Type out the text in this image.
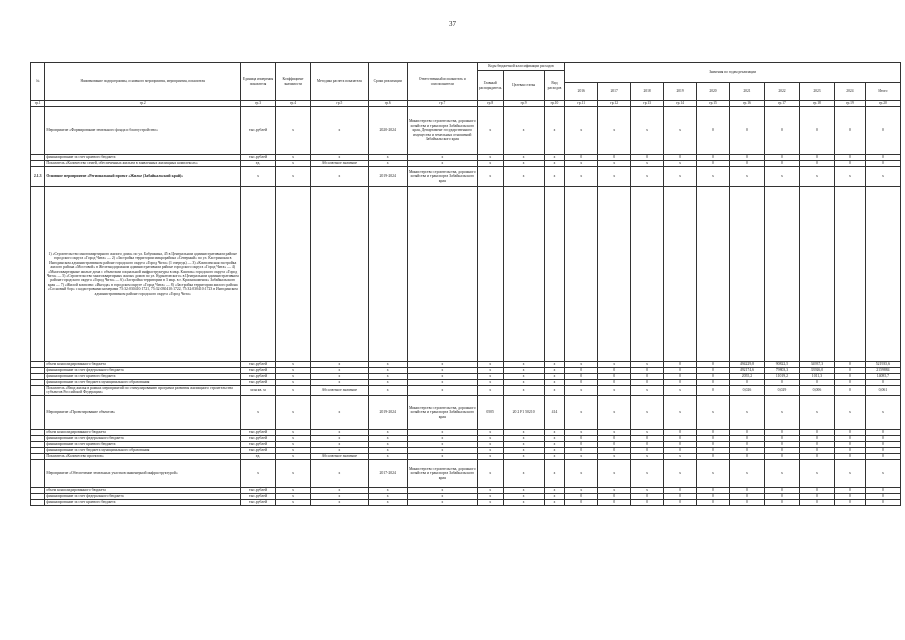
37
№	Наименование подпрограммы, основного мероприятия, мероприятия, показателя	Единица измерения показателя	Коэффициент значимости	Методика расчета показателя	Сроки реализации	Ответственный исполнитель и соисполнители	Коды бюджетной классификации расходов			Значения по годам реализации									
							Главный распорядитель	Целевая статья	Вид расходов										
										2016	2017	2018	2019	2020	2021	2022	2023	2024	Итого
гр.1	гр.2	гр.3	гр.4	гр.5	гр.6	гр.7	гр.8	гр.9	гр.10	гр.11	гр.12	гр.13	гр.14	гр.15	гр.16	гр.17	гр.18	гр.19	гр.20
	Мероприятие «Формирование земельного фонда и благоустройство»	тыс.рублей	х	х	2020-2024	Министерство строительства, дорожного хозяйства и транспорта Забайкальского края, Департамент государственного имущества и земельных отношений Забайкальского края	х	х	х	х	х	х	х	0	0	0	0	0	0
	финансирование за счет краевого бюджета	тыс.рублей	х	х	х	х	х	х	х	0	0	0	0	0	0	0	0	0	0
	Показатель «Количество семей, обеспеченных жильем в заявленных жилищных комплексах»	ед.	х	Абсолютное значение	х	х	х	х	х	х	х	х	х	0	0	0	0	0	0
2.1.3	Основное мероприятие «Региональный проект «Жилье (Забайкальский край)»	х	х	х	2019-2024	Министерство строительства, дорожного хозяйства и транспорта Забайкальского края	х	х	х	х	х	х	х	х	х	х	х	х	х
	1) «Строительство многоквартирного жилого дома» по ул. Бабушкина, 45 в Центральном административном районе городского округа «Город Чита» — 2) «Застройка территории микрорайона «Северный» по ул. Кастринская в Ингодинском административном районе городского округа «Город Чита» (1 очередь) — 3) «Комплексная застройка жилого района «Мостовой» в Железнодорожном административном районе городского округа «Город Чита» — 4) «Многоквартирные жилые дома с объектами социальной инфраструктуры в мкр. Каштак» городского округа «Город Чита» — 5) «Строительство многоквартирных жилых домов по ул. Курнатовского» в Центральном административном районе городского округа «Город Чита» — 6) «Застройка территории в 3 мкр. в г. Краснокаменск» Забайкальского края — 7) «Жилой комплекс «Ингода» в городском округе «Город Чита» — 8) «Застройка территории жилого района «Сосновый бор» с кадастровыми номерами 75:32:030410:1721, 75:32:030410:1722, 75:32:030410:1723 в Ингодинском административном районе городского округа «Город Чита»																		
	объем консолидированного бюджета	тыс.рублей	х	х	х	х	х	х	х	х	х	х	0	0	494229,8	90822,5	34937,3	0	521935,6
	финансирование за счет федерального бюджета	тыс.рублей	х	х	х	х	х	х	х	0	0	0	0	0	492174,6	79803,3	33926,0	0	2159884
	финансирование за счет краевого бюджета	тыс.рублей	х	х	х	х	х	х	х	0	0	0	0	0	2055,2	11019,2	1011,3	0	14085,7
	финансирование за счет бюджета муниципального образования	тыс.рублей	х	х	х	х	х	х	х	0	0	0	0	0	0	0	0	0	0
	Показатель «Ввод жилья в рамках мероприятий по стимулированию программ развития жилищного строительства субъектов Российской Федерации»	млн кв. м	х	Абсолютное значение	х	х	х	х	х	х	х	х	х	0	0,026	0,029	0,006	0	0,061
	Мероприятие «Проектирование объектов»	х	х	х	2019-2024	Министерство строительства, дорожного хозяйства и транспорта Забайкальского края	0505	20 2 F1 50210	414	х	х	х	х	х	х	х	х	х	х
	объем консолидированного бюджета	тыс.рублей	х	х	х	х	х	х	х	х	х	х	0	0	0	0	0	0	0
	финансирование за счет федерального бюджета	тыс.рублей	х	х	х	х	х	х	х	0	0	0	0	0	0	0	0	0	0
	финансирование за счет краевого бюджета	тыс.рублей	х	х	х	х	х	х	х	0	0	0	0	0	0	0	0	0	0
	финансирование за счет бюджета муниципального образования	тыс.рублей	х	х	х	х	х	х	х	0	0	0	0	0	0	0	0	0	0
	Показатель «Количество проектов»	ед.	х	Абсолютное значение	х	х	х	х	х	х	х	х	х	0	0	0	0	0	0
	Мероприятие «Обеспечение земельных участков инженерной инфраструктурой»	х	х	х	2017-2024	Министерство строительства, дорожного хозяйства и транспорта Забайкальского края	х	х	х	х	х	х	х	х	х	х	х	х	х
	объем консолидированного бюджета	тыс.рублей	х	х	х	х	х	х	х	х	х	х	0	0	0	0	0	0	0
	финансирование за счет федерального бюджета	тыс.рублей	х	х	х	х	х	х	х	0	0	0	0	0	0	0	0	0	0
	финансирование за счет краевого бюджета	тыс.рублей	х	х	х	х	х	х	х	0	0	0	0	0	0	0	0	0	0
